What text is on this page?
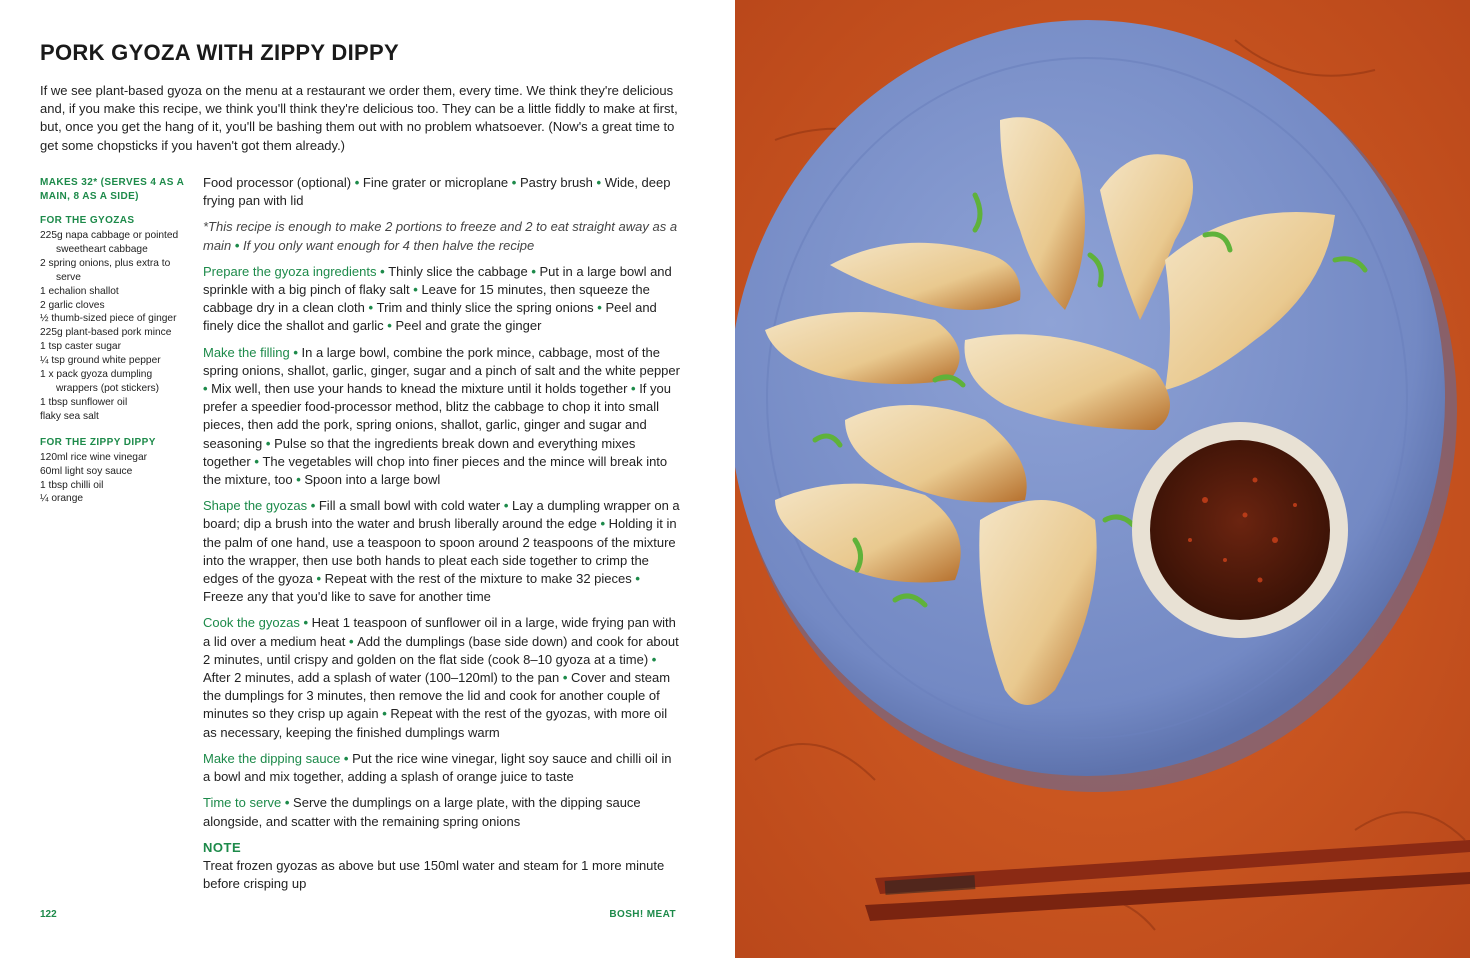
PORK GYOZA WITH ZIPPY DIPPY

If we see plant-based gyoza on the menu at a restaurant we order them, every time. We think they're delicious and, if you make this recipe, we think you'll think they're delicious too. They can be a little fiddly to make at first, but, once you get the hang of it, you'll be bashing them out with no problem whatsoever. (Now's a great time to get some chopsticks if you haven't got them already.)

MAKES 32* (SERVES 4 AS A MAIN, 8 AS A SIDE)
FOR THE GYOZAS
225g napa cabbage or pointed sweetheart cabbage
2 spring onions, plus extra to serve
1 echalion shallot
2 garlic cloves
½ thumb-sized piece of ginger
225g plant-based pork mince
1 tsp caster sugar
¼ tsp ground white pepper
1 x pack gyoza dumpling wrappers (pot stickers)
1 tbsp sunflower oil
flaky sea salt
FOR THE ZIPPY DIPPY
120ml rice wine vinegar
60ml light soy sauce
1 tbsp chilli oil
¼ orange

Food processor (optional) • Fine grater or microplane • Pastry brush • Wide, deep frying pan with lid

*This recipe is enough to make 2 portions to freeze and 2 to eat straight away as a main • If you only want enough for 4 then halve the recipe

Prepare the gyoza ingredients • Thinly slice the cabbage • Put in a large bowl and sprinkle with a big pinch of flaky salt • Leave for 15 minutes, then squeeze the cabbage dry in a clean cloth • Trim and thinly slice the spring onions • Peel and finely dice the shallot and garlic • Peel and grate the ginger

Make the filling • In a large bowl, combine the pork mince, cabbage, most of the spring onions, shallot, garlic, ginger, sugar and a pinch of salt and the white pepper • Mix well, then use your hands to knead the mixture until it holds together • If you prefer a speedier food-processor method, blitz the cabbage to chop it into small pieces, then add the pork, spring onions, shallot, garlic, ginger and sugar and seasoning • Pulse so that the ingredients break down and everything mixes together • The vegetables will chop into finer pieces and the mince will break into the mixture, too • Spoon into a large bowl

Shape the gyozas • Fill a small bowl with cold water • Lay a dumpling wrapper on a board; dip a brush into the water and brush liberally around the edge • Holding it in the palm of one hand, use a teaspoon to spoon around 2 teaspoons of the mixture into the wrapper, then use both hands to pleat each side together to crimp the edges of the gyoza • Repeat with the rest of the mixture to make 32 pieces • Freeze any that you'd like to save for another time

Cook the gyozas • Heat 1 teaspoon of sunflower oil in a large, wide frying pan with a lid over a medium heat • Add the dumplings (base side down) and cook for about 2 minutes, until crispy and golden on the flat side (cook 8–10 gyoza at a time) • After 2 minutes, add a splash of water (100–120ml) to the pan • Cover and steam the dumplings for 3 minutes, then remove the lid and cook for another couple of minutes so they crisp up again • Repeat with the rest of the gyozas, with more oil as necessary, keeping the finished dumplings warm

Make the dipping sauce • Put the rice wine vinegar, light soy sauce and chilli oil in a bowl and mix together, adding a splash of orange juice to taste

Time to serve • Serve the dumplings on a large plate, with the dipping sauce alongside, and scatter with the remaining spring onions

NOTE

Treat frozen gyozas as above but use 150ml water and steam for 1 more minute before crisping up

122	BOSH! MEAT
